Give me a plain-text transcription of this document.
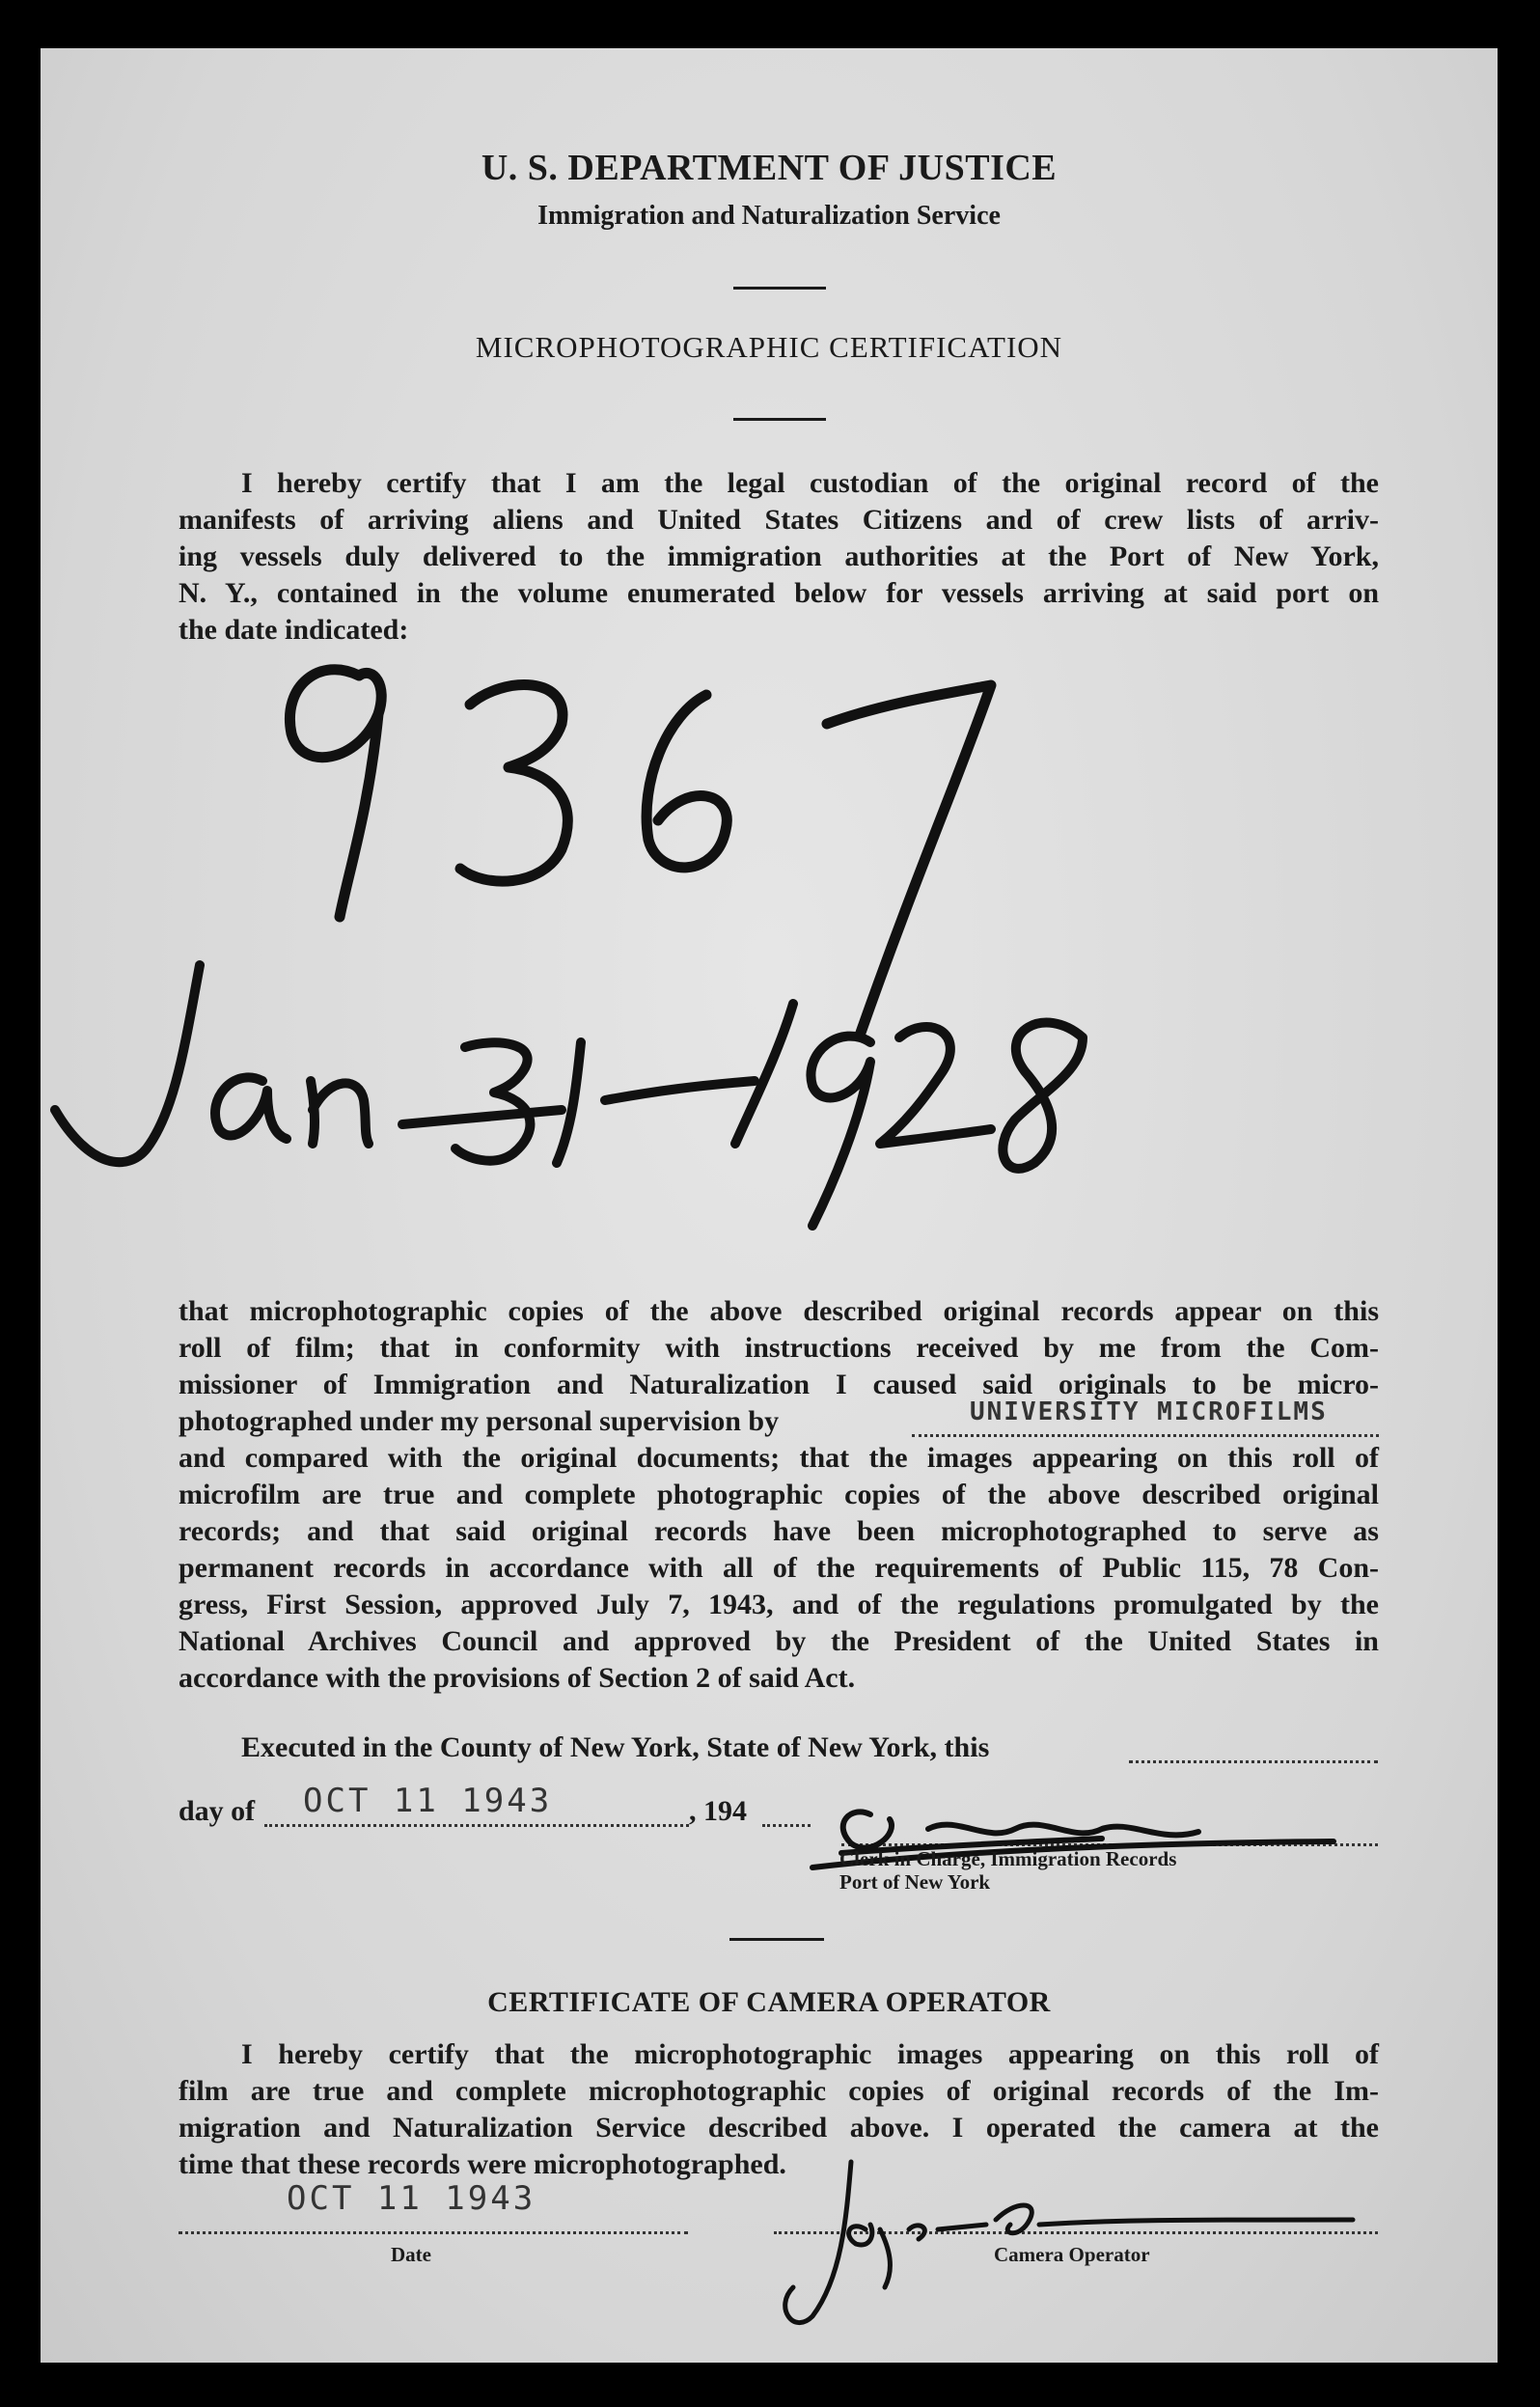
U. S. DEPARTMENT OF JUSTICE
Immigration and Naturalization Service
MICROPHOTOGRAPHIC CERTIFICATION
I hereby certify that I am the legal custodian of the original record of the
manifests of arriving aliens and United States Citizens and of crew lists of arriv-
ing vessels duly delivered to the immigration authorities at the Port of New York,
N. Y., contained in the volume enumerated below for vessels arriving at said port on
the date indicated:
that microphotographic copies of the above described original records appear on this
roll of film; that in conformity with instructions received by me from the Com-
missioner of Immigration and Naturalization I caused said originals to be micro-
photographed under my personal supervision by	UNIVERSITY MICROFILMS
and compared with the original documents; that the images appearing on this roll of
microfilm are true and complete photographic copies of the above described original
records; and that said original records have been microphotographed to serve as
permanent records in accordance with all of the requirements of Public 115, 78 Con-
gress, First Session, approved July 7, 1943, and of the regulations promulgated by the
National Archives Council and approved by the President of the United States in
accordance with the provisions of Section 2 of said Act.
Executed in the County of New York, State of New York, this
day of OCT 11 1943	, 194
Clerk in Charge, Immigration Records
Port of New York
CERTIFICATE OF CAMERA OPERATOR
I hereby certify that the microphotographic images appearing on this roll of
film are true and complete microphotographic copies of original records of the Im-
migration and Naturalization Service described above. I operated the camera at the
time that these records were microphotographed.
OCT 11 1943
Date	Camera Operator
